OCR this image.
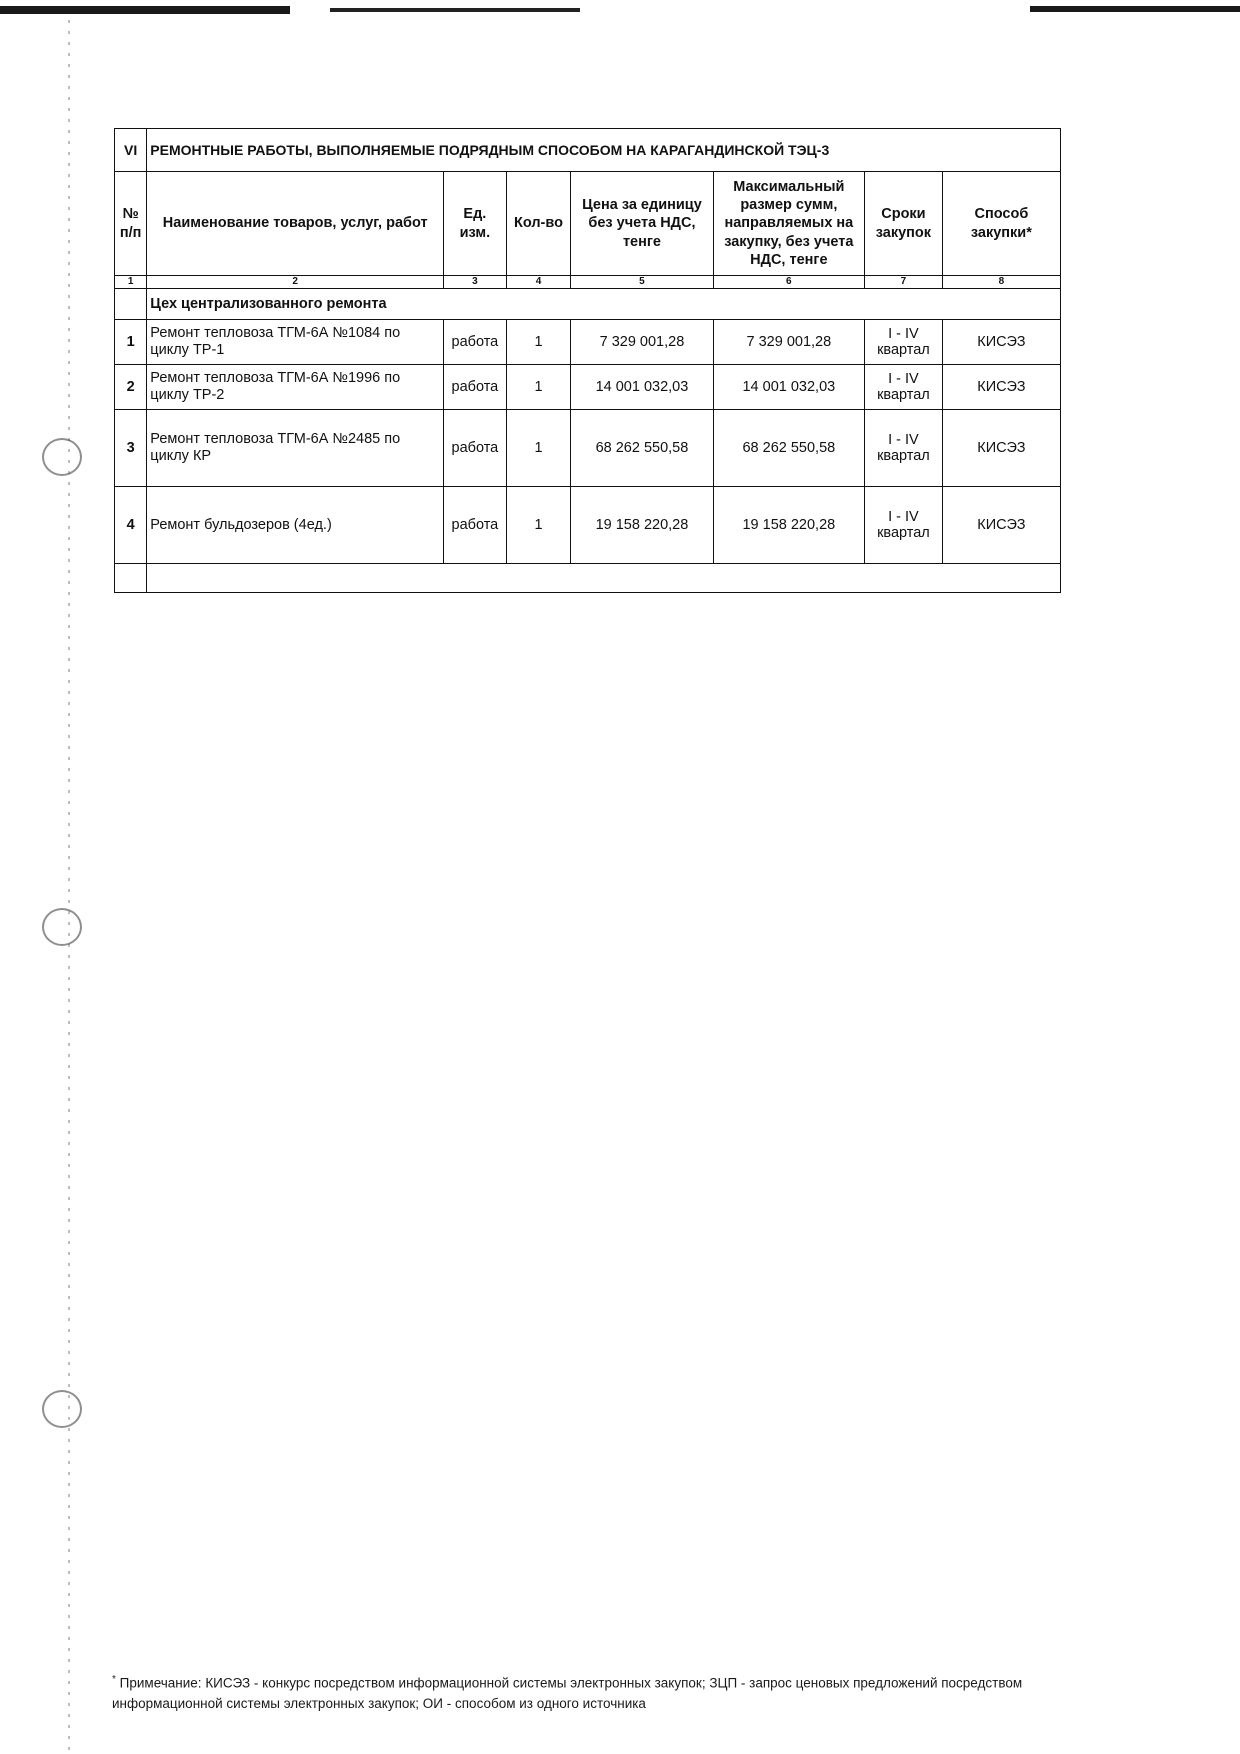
VI	РЕМОНТНЫЕ РАБОТЫ, ВЫПОЛНЯЕМЫЕ ПОДРЯДНЫМ СПОСОБОМ НА КАРАГАНДИНСКОЙ ТЭЦ-3						
№ п/п	Наименование товаров, услуг, работ	Ед. изм.	Кол-во	Цена за единицу без учета НДС, тенге	Максимальный размер сумм, направляемых на закупку, без учета НДС, тенге	Сроки закупок	Способ закупки*
1	2	3	4	5	6	7	8
	Цех централизованного ремонта						
1	Ремонт тепловоза ТГМ-6А №1084 по циклу ТР-1	работа	1	7 329 001,28	7 329 001,28	I - IV квартал	КИСЭЗ
2	Ремонт тепловоза ТГМ-6А №1996 по циклу ТР-2	работа	1	14 001 032,03	14 001 032,03	I - IV квартал	КИСЭЗ
3	Ремонт тепловоза ТГМ-6А №2485 по циклу КР	работа	1	68 262 550,58	68 262 550,58	I - IV квартал	КИСЭЗ
4	Ремонт бульдозеров (4ед.)	работа	1	19 158 220,28	19 158 220,28	I - IV квартал	КИСЭЗ

* Примечание: КИСЭЗ - конкурс посредством информационной системы электронных закупок; ЗЦП - запрос ценовых предложений посредством информационной системы электронных закупок; ОИ - способом из одного источника
